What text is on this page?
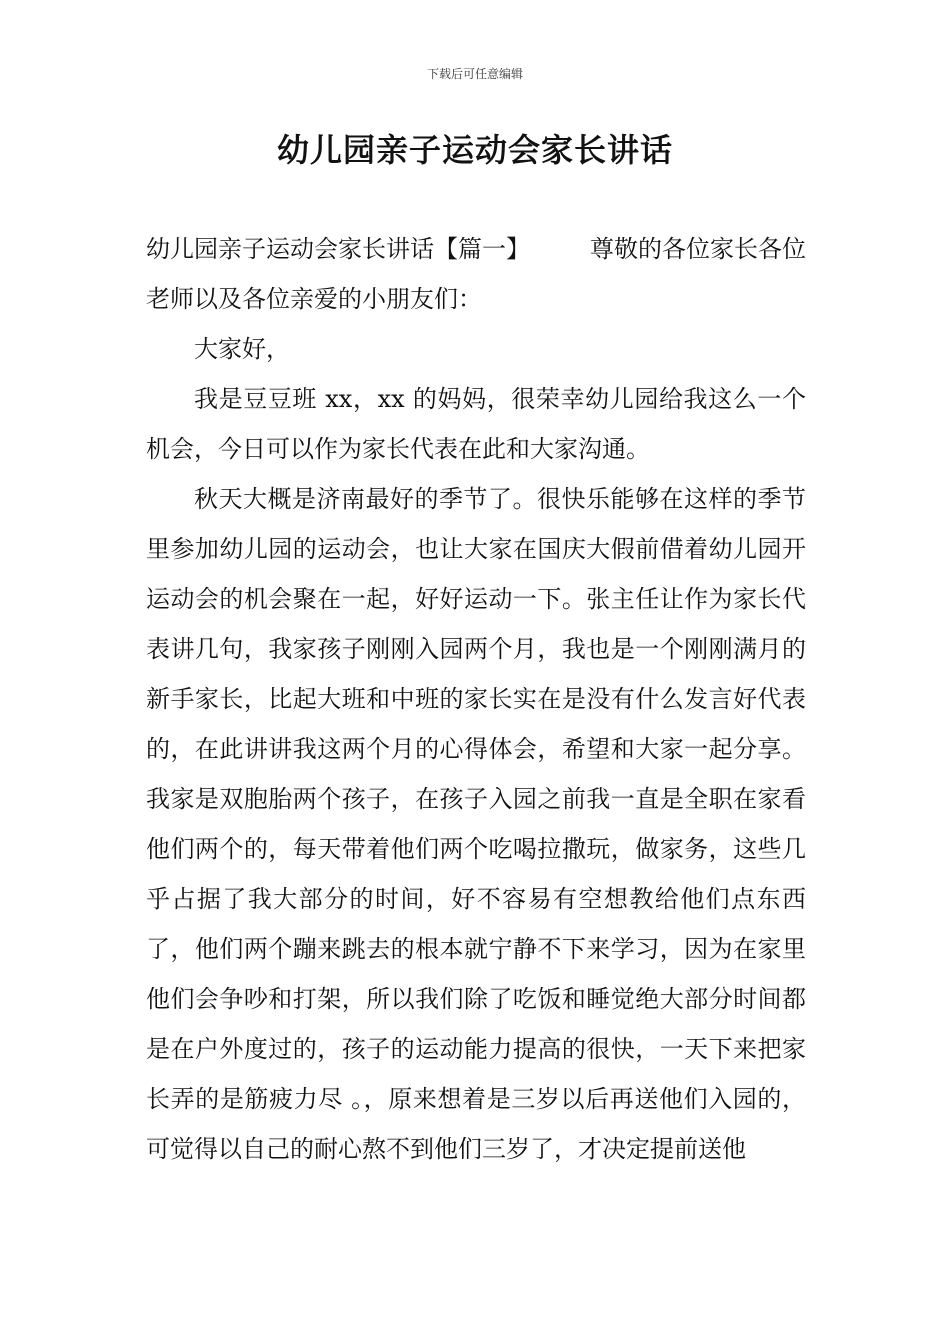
下载后可任意编辑
幼儿园亲子运动会家长讲话

幼儿园亲子运动会家长讲话【篇一】	尊敬的各位家长各位老师以及各位亲爱的小朋友们：

大家好，

我是豆豆班 xx，xx 的妈妈，很荣幸幼儿园给我这么一个机会，今日可以作为家长代表在此和大家沟通。

秋天大概是济南最好的季节了。很快乐能够在这样的季节里参加幼儿园的运动会，也让大家在国庆大假前借着幼儿园开运动会的机会聚在一起，好好运动一下。张主任让作为家长代表讲几句，我家孩子刚刚入园两个月，我也是一个刚刚满月的新手家长，比起大班和中班的家长实在是没有什么发言好代表的，在此讲讲我这两个月的心得体会，希望和大家一起分享。 我家是双胞胎两个孩子，在孩子入园之前我一直是全职在家看他们两个的，每天带着他们两个吃喝拉撒玩，做家务，这些几乎占据了我大部分的时间，好不容易有空想教给他们点东西了，他们两个蹦来跳去的根本就宁静不下来学习，因为在家里他们会争吵和打架，所以我们除了吃饭和睡觉绝大部分时间都是在户外度过的，孩子的运动能力提高的很快，一天下来把家长弄的是筋疲力尽 。，原来想着是三岁以后再送他们入园的，可觉得以自己的耐心熬不到他们三岁了，才决定提前送他
